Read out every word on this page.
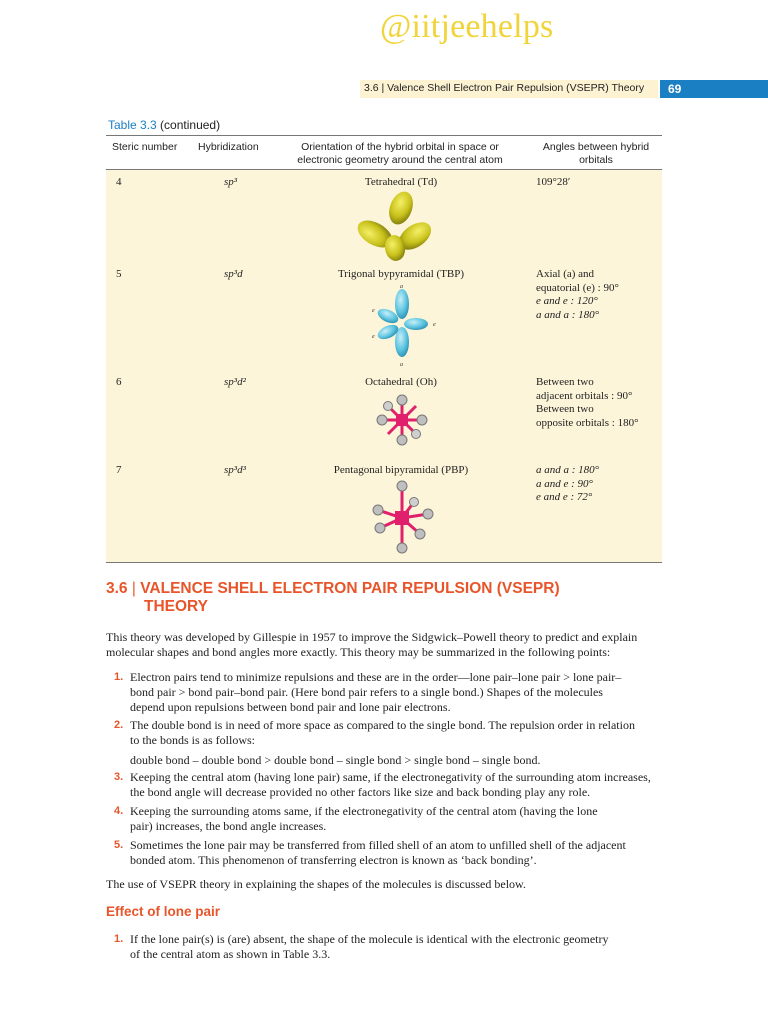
@iitjeehelps
3.6 | Valence Shell Electron Pair Repulsion (VSEPR) Theory 69
Table 3.3 (continued)
Steric number Hybridization	Orientation of the hybrid orbital in space or
electronic geometry around the central atom
Angles between hybrid
orbitals
4	sp³	Tetrahedral (Td)	109°28′
5	sp³d	Trigonal bypyramidal (TBP)	Axial (a) and
equatorial (e) : 90°
e and e : 120°
a and a : 180°
a
a
e
e
e
6	sp³d²	Octahedral (Oh)	Between two
adjacent orbitals : 90°
Between two
opposite orbitals : 180°
7	sp³d³	Pentagonal bipyramidal (PBP)	a and a : 180°
a and e : 90°
e and e : 72°
3.6 | VALENCE SHELL ELECTRON PAIR REPULSION (VSEPR)
THEORY
This theory was developed by Gillespie in 1957 to improve the Sidgwick–Powell theory to predict and explain
molecular shapes and bond angles more exactly. This theory may be summarized in the following points:
1. Electron pairs tend to minimize repulsions and these are in the order—lone pair–lone pair > lone pair–
bond pair > bond pair–bond pair. (Here bond pair refers to a single bond.) Shapes of the molecules
depend upon repulsions between bond pair and lone pair electrons.
2. The double bond is in need of more space as compared to the single bond. The repulsion order in relation
to the bonds is as follows:
double bond – double bond > double bond – single bond > single bond – single bond.
3. Keeping the central atom (having lone pair) same, if the electronegativity of the surrounding atom increases,
the bond angle will decrease provided no other factors like size and back bonding play any role.
4. Keeping the surrounding atoms same, if the electronegativity of the central atom (having the lone
pair) increases, the bond angle increases.
5. Sometimes the lone pair may be transferred from filled shell of an atom to unfilled shell of the adjacent
bonded atom. This phenomenon of transferring electron is known as ‘back bonding’.
The use of VSEPR theory in explaining the shapes of the molecules is discussed below.
Effect of lone pair
1. If the lone pair(s) is (are) absent, the shape of the molecule is identical with the electronic geometry
of the central atom as shown in Table 3.3.
